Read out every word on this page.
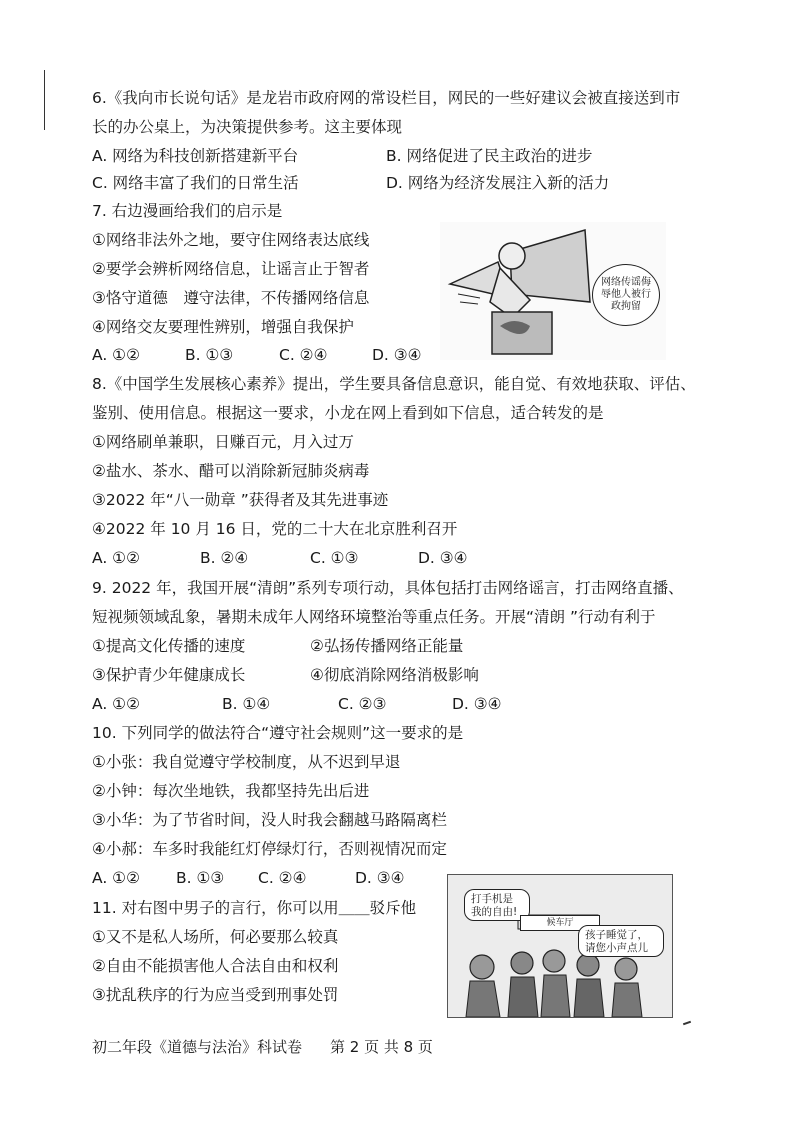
6.《我向市长说句话》是龙岩市政府网的常设栏目，网民的一些好建议会被直接送到市
长的办公桌上，为决策提供参考。这主要体现
A. 网络为科技创新搭建新平台	B. 网络促进了民主政治的进步
C. 网络丰富了我们的日常生活	D. 网络为经济发展注入新的活力
7. 右边漫画给我们的启示是
①网络非法外之地，要守住网络表达底线
②要学会辨析网络信息，让谣言止于智者
③恪守道德　遵守法律，不传播网络信息
④网络交友要理性辨别，增强自我保护
A. ①②	B. ①③	C. ②④	D. ③④
网络传谣侮辱他人被行政拘留
8.《中国学生发展核心素养》提出，学生要具备信息意识，能自觉、有效地获取、评估、
鉴别、使用信息。根据这一要求，小龙在网上看到如下信息，适合转发的是
①网络刷单兼职，日赚百元，月入过万
②盐水、茶水、醋可以消除新冠肺炎病毒
③2022 年“八一勋章 ”获得者及其先进事迹
④2022 年 10 月 16 日，党的二十大在北京胜利召开
A. ①②	B. ②④	C. ①③	D. ③④
9. 2022 年，我国开展“清朗”系列专项行动，具体包括打击网络谣言，打击网络直播、
短视频领域乱象，暑期未成年人网络环境整治等重点任务。开展“清朗 ”行动有利于
①提高文化传播的速度	②弘扬传播网络正能量
③保护青少年健康成长	④彻底消除网络消极影响
A. ①②	B. ①④	C. ②③	D. ③④
10. 下列同学的做法符合“遵守社会规则”这一要求的是
①小张：我自觉遵守学校制度，从不迟到早退
②小钟：每次坐地铁，我都坚持先出后进
③小华：为了节省时间，没人时我会翻越马路隔离栏
④小郝：车多时我能红灯停绿灯行，否则视情况而定
A. ①② B. ①③ C. ②④	D. ③④
11. 对右图中男子的言行，你可以用＿＿驳斥他
①又不是私人场所，何必要那么较真
②自由不能损害他人合法自由和权利
③扰乱秩序的行为应当受到刑事处罚
打手机是我的自由!
候车厅
孩子睡觉了，请您小声点儿
初二年段《道德与法治》科试卷 第 2 页 共 8 页
